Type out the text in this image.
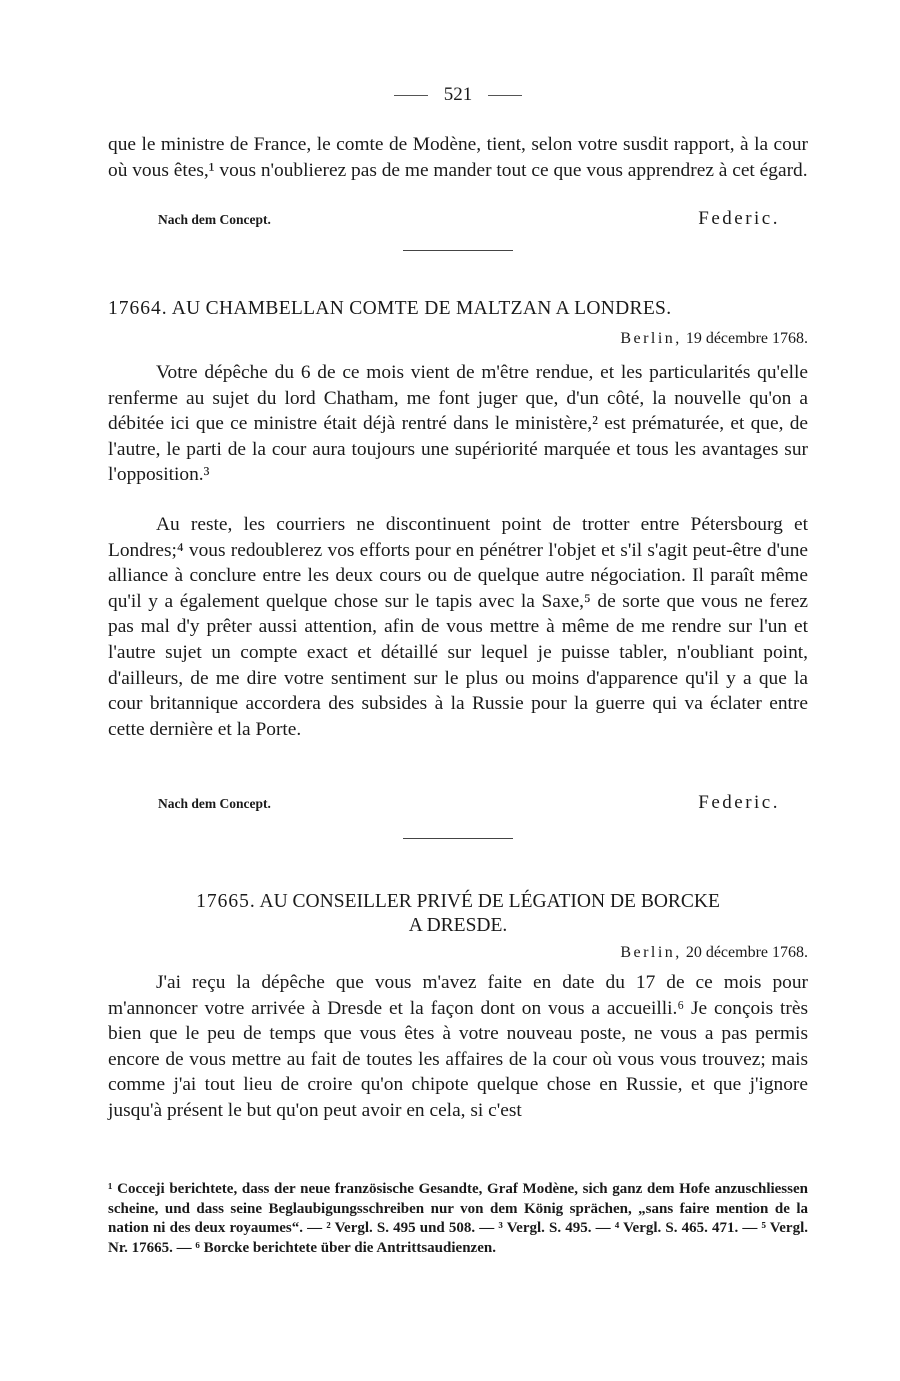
521

que le ministre de France, le comte de Modène, tient, selon votre susdit rapport, à la cour où vous êtes,¹ vous n'oublierez pas de me mander tout ce que vous apprendrez à cet égard.

Nach dem Concept.	Federic.
17664. AU CHAMBELLAN COMTE DE MALTZAN A LONDRES.
Berlin, 19 décembre 1768.

Votre dépêche du 6 de ce mois vient de m'être rendue, et les particularités qu'elle renferme au sujet du lord Chatham, me font juger que, d'un côté, la nouvelle qu'on a débitée ici que ce ministre était déjà rentré dans le ministère,² est prématurée, et que, de l'autre, le parti de la cour aura toujours une supériorité marquée et tous les avantages sur l'opposition.³

Au reste, les courriers ne discontinuent point de trotter entre Pétersbourg et Londres;⁴ vous redoublerez vos efforts pour en pénétrer l'objet et s'il s'agit peut-être d'une alliance à conclure entre les deux cours ou de quelque autre négociation. Il paraît même qu'il y a également quelque chose sur le tapis avec la Saxe,⁵ de sorte que vous ne ferez pas mal d'y prêter aussi attention, afin de vous mettre à même de me rendre sur l'un et l'autre sujet un compte exact et détaillé sur lequel je puisse tabler, n'oubliant point, d'ailleurs, de me dire votre sentiment sur le plus ou moins d'apparence qu'il y a que la cour britannique accordera des subsides à la Russie pour la guerre qui va éclater entre cette dernière et la Porte.

Nach dem Concept.	Federic.
17665. AU CONSEILLER PRIVÉ DE LÉGATION DE BORCKE
A DRESDE.
Berlin, 20 décembre 1768.

J'ai reçu la dépêche que vous m'avez faite en date du 17 de ce mois pour m'annoncer votre arrivée à Dresde et la façon dont on vous a accueilli.⁶ Je conçois très bien que le peu de temps que vous êtes à votre nouveau poste, ne vous a pas permis encore de vous mettre au fait de toutes les affaires de la cour où vous vous trouvez; mais comme j'ai tout lieu de croire qu'on chipote quelque chose en Russie, et que j'ignore jusqu'à présent le but qu'on peut avoir en cela, si c'est

¹ Cocceji berichtete, dass der neue französische Gesandte, Graf Modène, sich ganz dem Hofe anzuschliessen scheine, und dass seine Beglaubigungsschreiben nur von dem König sprächen, „sans faire mention de la nation ni des deux royaumes“. — ² Vergl. S. 495 und 508. — ³ Vergl. S. 495. — ⁴ Vergl. S. 465. 471. — ⁵ Vergl. Nr. 17665. — ⁶ Borcke berichtete über die Antrittsaudienzen.
